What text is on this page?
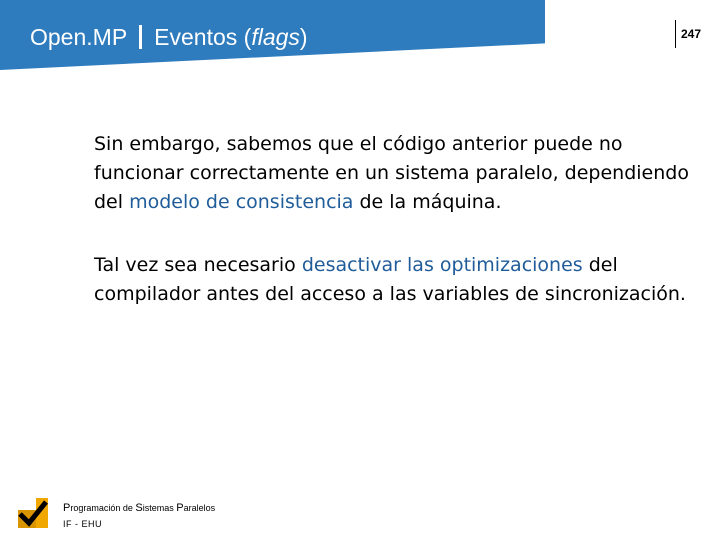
Open.MP Eventos (flags)	247

Sin embargo, sabemos que el código anterior puede no funcionar correctamente en un sistema paralelo, dependiendo del modelo de consistencia de la máquina.

Tal vez sea necesario desactivar las optimizaciones del compilador antes del acceso a las variables de sincronización.

Programación de Sistemas Paralelos
IF - EHU
